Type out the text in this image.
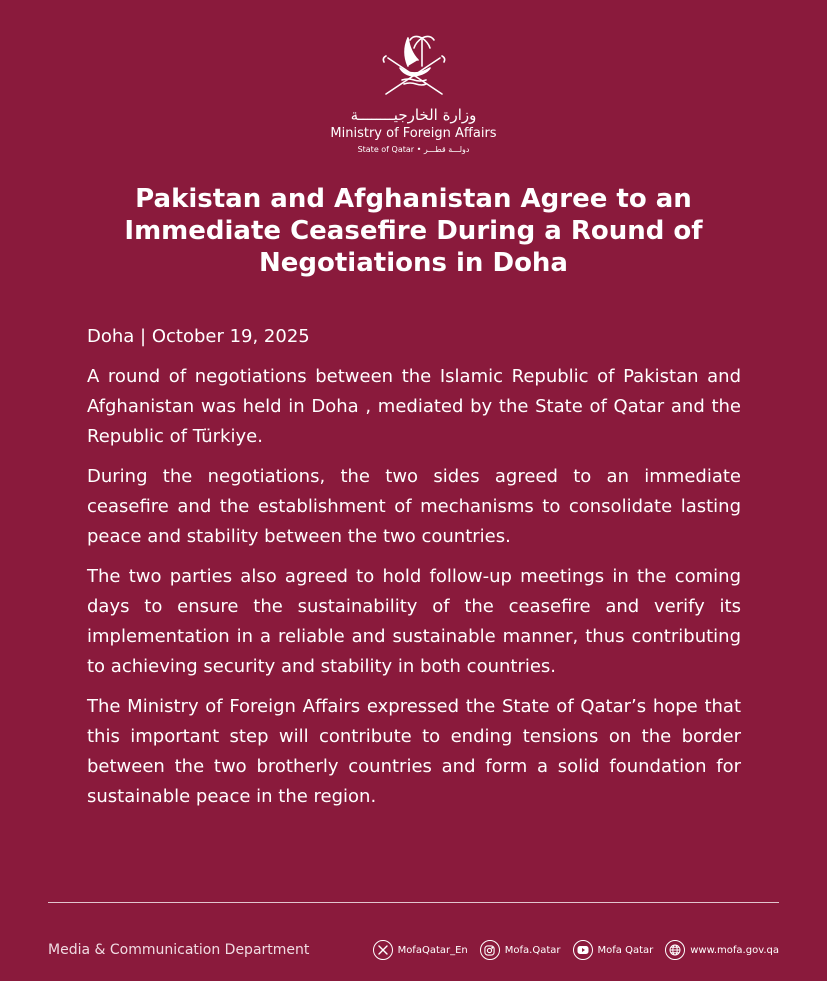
وزارة الخارجيــــــــة
Ministry of Foreign Affairs
State of Qatar • دولـــة قطـــر
Pakistan and Afghanistan Agree to an Immediate Ceasefire During a Round of Negotiations in Doha

Doha | October 19, 2025

A round of negotiations between the Islamic Republic of Pakistan and Afghanistan was held in Doha , mediated by the State of Qatar and the Republic of Türkiye.

During the negotiations, the two sides agreed to an immediate ceasefire and the establishment of mechanisms to consolidate lasting peace and stability between the two countries.

The two parties also agreed to hold follow-up meetings in the coming days to ensure the sustainability of the ceasefire and verify its implementation in a reliable and sustainable manner, thus contributing to achieving security and stability in both countries.

The Ministry of Foreign Affairs expressed the State of Qatar’s hope that this important step will contribute to ending tensions on the border between the two brotherly countries and form a solid foundation for sustainable peace in the region.

Media & Communication Department	MofaQatar_En	Mofa.Qatar	Mofa Qatar	www.mofa.gov.qa
